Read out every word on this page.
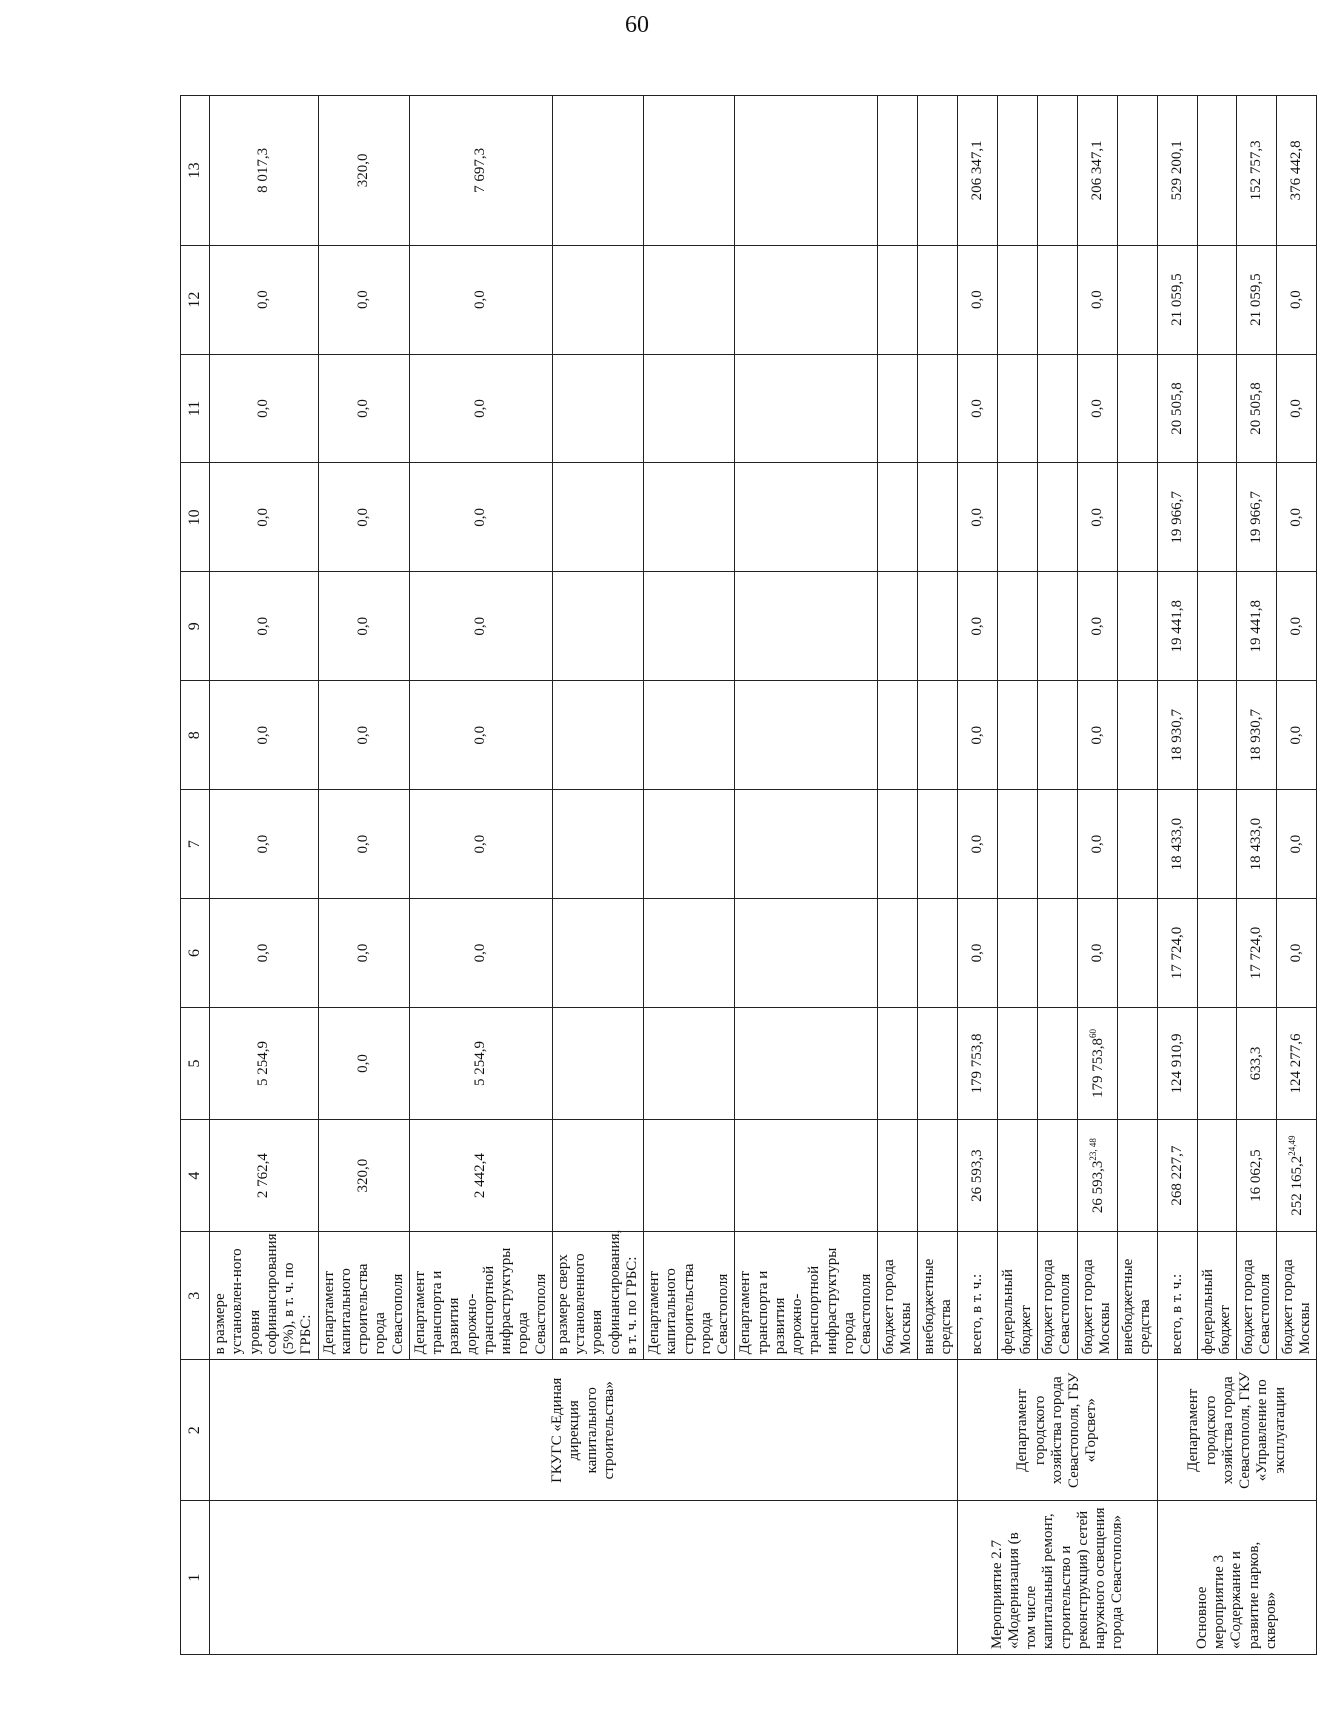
60
1	2	3	4	5	6	7	8	9	10	11	12	13
	ГКУГС «Единая дирекция капитального строительства»	в размере установлен-ного уровня софинансирования (5%), в т. ч. по ГРБС:	2 762,4	5 254,9	0,0	0,0	0,0	0,0	0,0	0,0	0,0	8 017,3
		Департамент капитального строительства города Севастополя	320,0	0,0	0,0	0,0	0,0	0,0	0,0	0,0	0,0	320,0
		Департамент транспорта и развития дорожно-транспортной инфраструктуры города Севастополя	2 442,4	5 254,9	0,0	0,0	0,0	0,0	0,0	0,0	0,0	7 697,3
		в размере сверх установленного уровня софинансирования, в т. ч. по ГРБС:										
		Департамент капитального строительства города Севастополя										
		Департамент транспорта и развития дорожно-транспортной инфраструктуры города Севастополя										
		бюджет города Москвы										
		внебюджетные средства										
Мероприятие 2.7 «Модернизация (в том числе капитальный ремонт, строительство и реконструкция) сетей наружного освещения города Севастополя»	Департамент городского хозяйства города Севастополя, ГБУ «Горсвет»	всего, в т. ч.:	26 593,3	179 753,8	0,0	0,0	0,0	0,0	0,0	0,0	0,0	206 347,1
		федеральный бюджет										
		бюджет города Севастополя										
		бюджет города Москвы	26 593,3$^{23, 48}$	179 753,8$^{60}$	0,0	0,0	0,0	0,0	0,0	0,0	0,0	206 347,1
		внебюджетные средства										
Основное мероприятие 3 «Содержание и развитие парков, скверов»	Департамент городского хозяйства города Севастополя, ГКУ «Управление по эксплуатации	всего, в т. ч.:	268 227,7	124 910,9	17 724,0	18 433,0	18 930,7	19 441,8	19 966,7	20 505,8	21 059,5	529 200,1
		федеральный бюджет										
		бюджет города Севастополя	16 062,5	633,3	17 724,0	18 433,0	18 930,7	19 441,8	19 966,7	20 505,8	21 059,5	152 757,3
		бюджет города Москвы	252 165,2$^{24,49}$	124 277,6	0,0	0,0	0,0	0,0	0,0	0,0	0,0	376 442,8
